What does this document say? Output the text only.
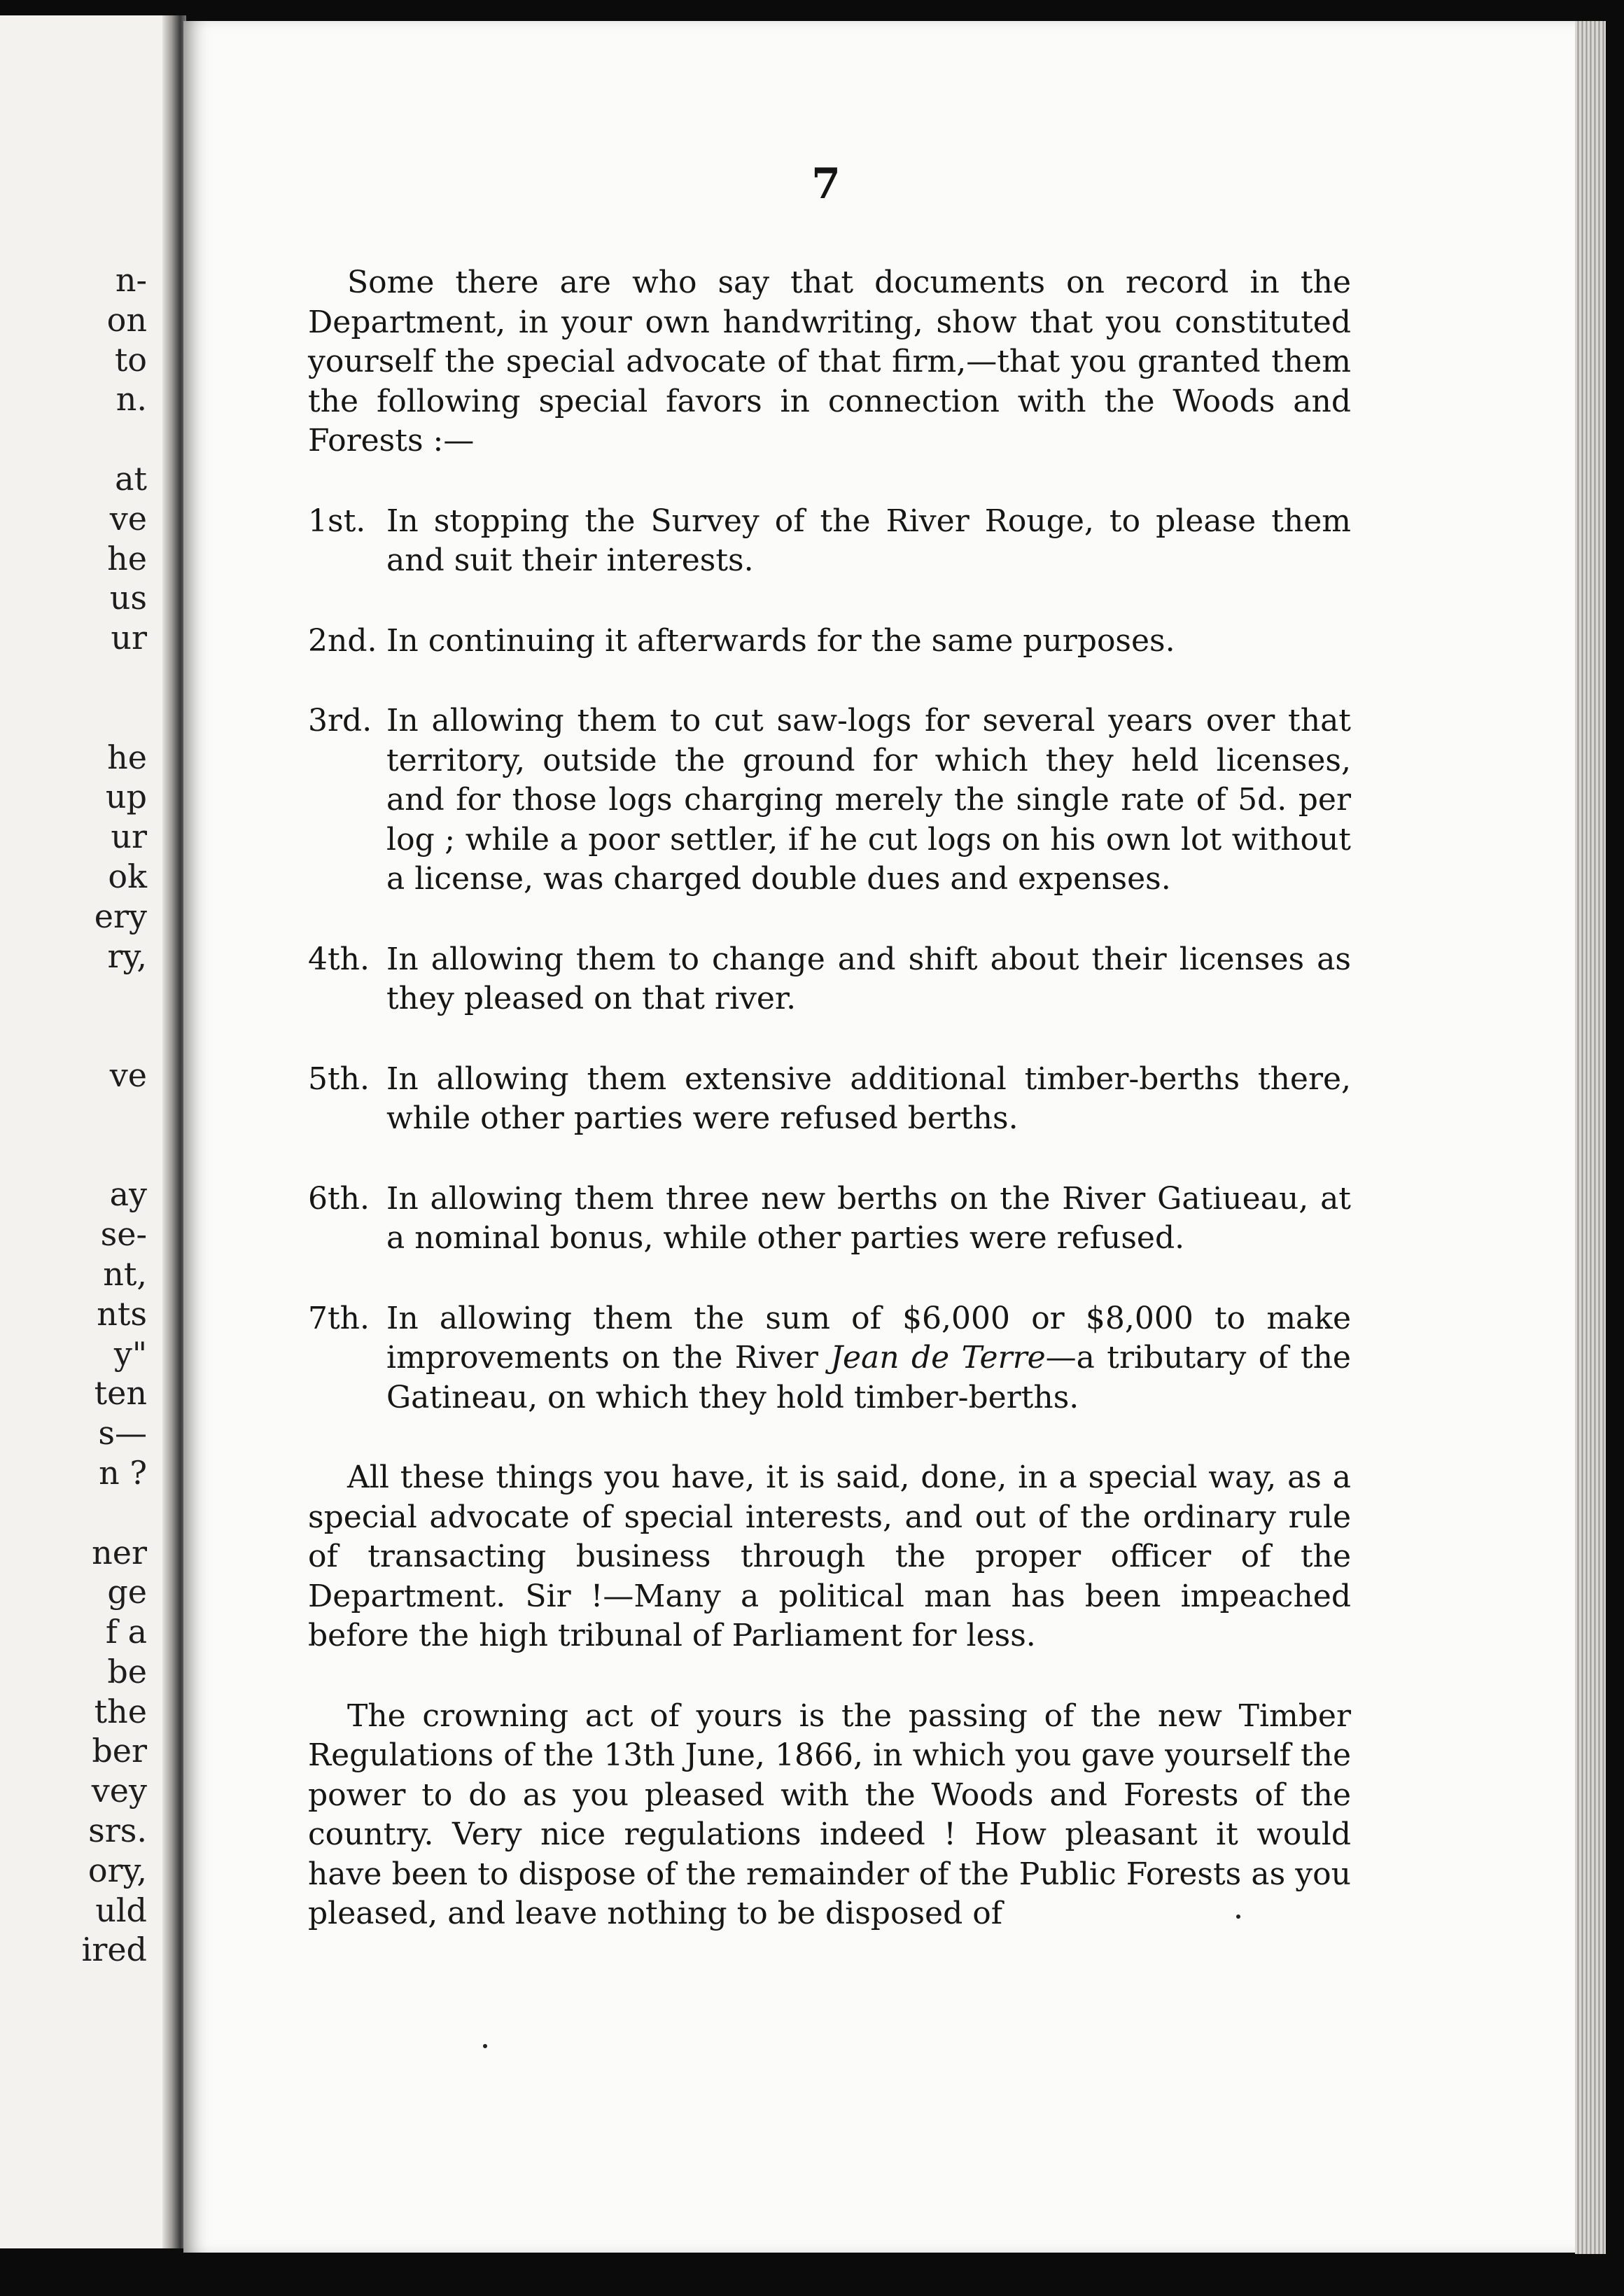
n-
on
to
n.
at
ve
he
us
ur
he
up
ur
ok
ery
ry,
ve
ay
se-
nt,
nts
y"
ten
s—
n ?
ner
ge
f a
be
the
ber
vey
srs.
ory,
uld
ired
7

Some there are who say that documents on record in the Department, in your own handwriting, show that you constituted yourself the special advocate of that firm,—that you granted them the following special favors in connection with the Woods and Forests :—

1st. In stopping the Survey of the River Rouge, to please them and suit their interests.

2nd. In continuing it afterwards for the same purposes.

3rd. In allowing them to cut saw-logs for several years over that territory, outside the ground for which they held licenses, and for those logs charging merely the single rate of 5d. per log ; while a poor settler, if he cut logs on his own lot without a license, was charged double dues and expenses.

4th. In allowing them to change and shift about their licenses as they pleased on that river.

5th. In allowing them extensive additional timber-berths there, while other parties were refused berths.

6th. In allowing them three new berths on the River Gatiueau, at a nominal bonus, while other parties were refused.

7th. In allowing them the sum of $6,000 or $8,000 to make improvements on the River Jean de Terre—a tributary of the Gatineau, on which they hold timber-berths.

All these things you have, it is said, done, in a special way, as a special advocate of special interests, and out of the ordinary rule of transacting business through the proper officer of the Department. Sir !—Many a political man has been impeached before the high tribunal of Parliament for less.

The crowning act of yours is the passing of the new Timber Regulations of the 13th June, 1866, in which you gave yourself the power to do as you pleased with the Woods and Forests of the country. Very nice regulations indeed ! How pleasant it would have been to dispose of the remainder of the Public Forests as you pleased, and leave nothing to be disposed of
